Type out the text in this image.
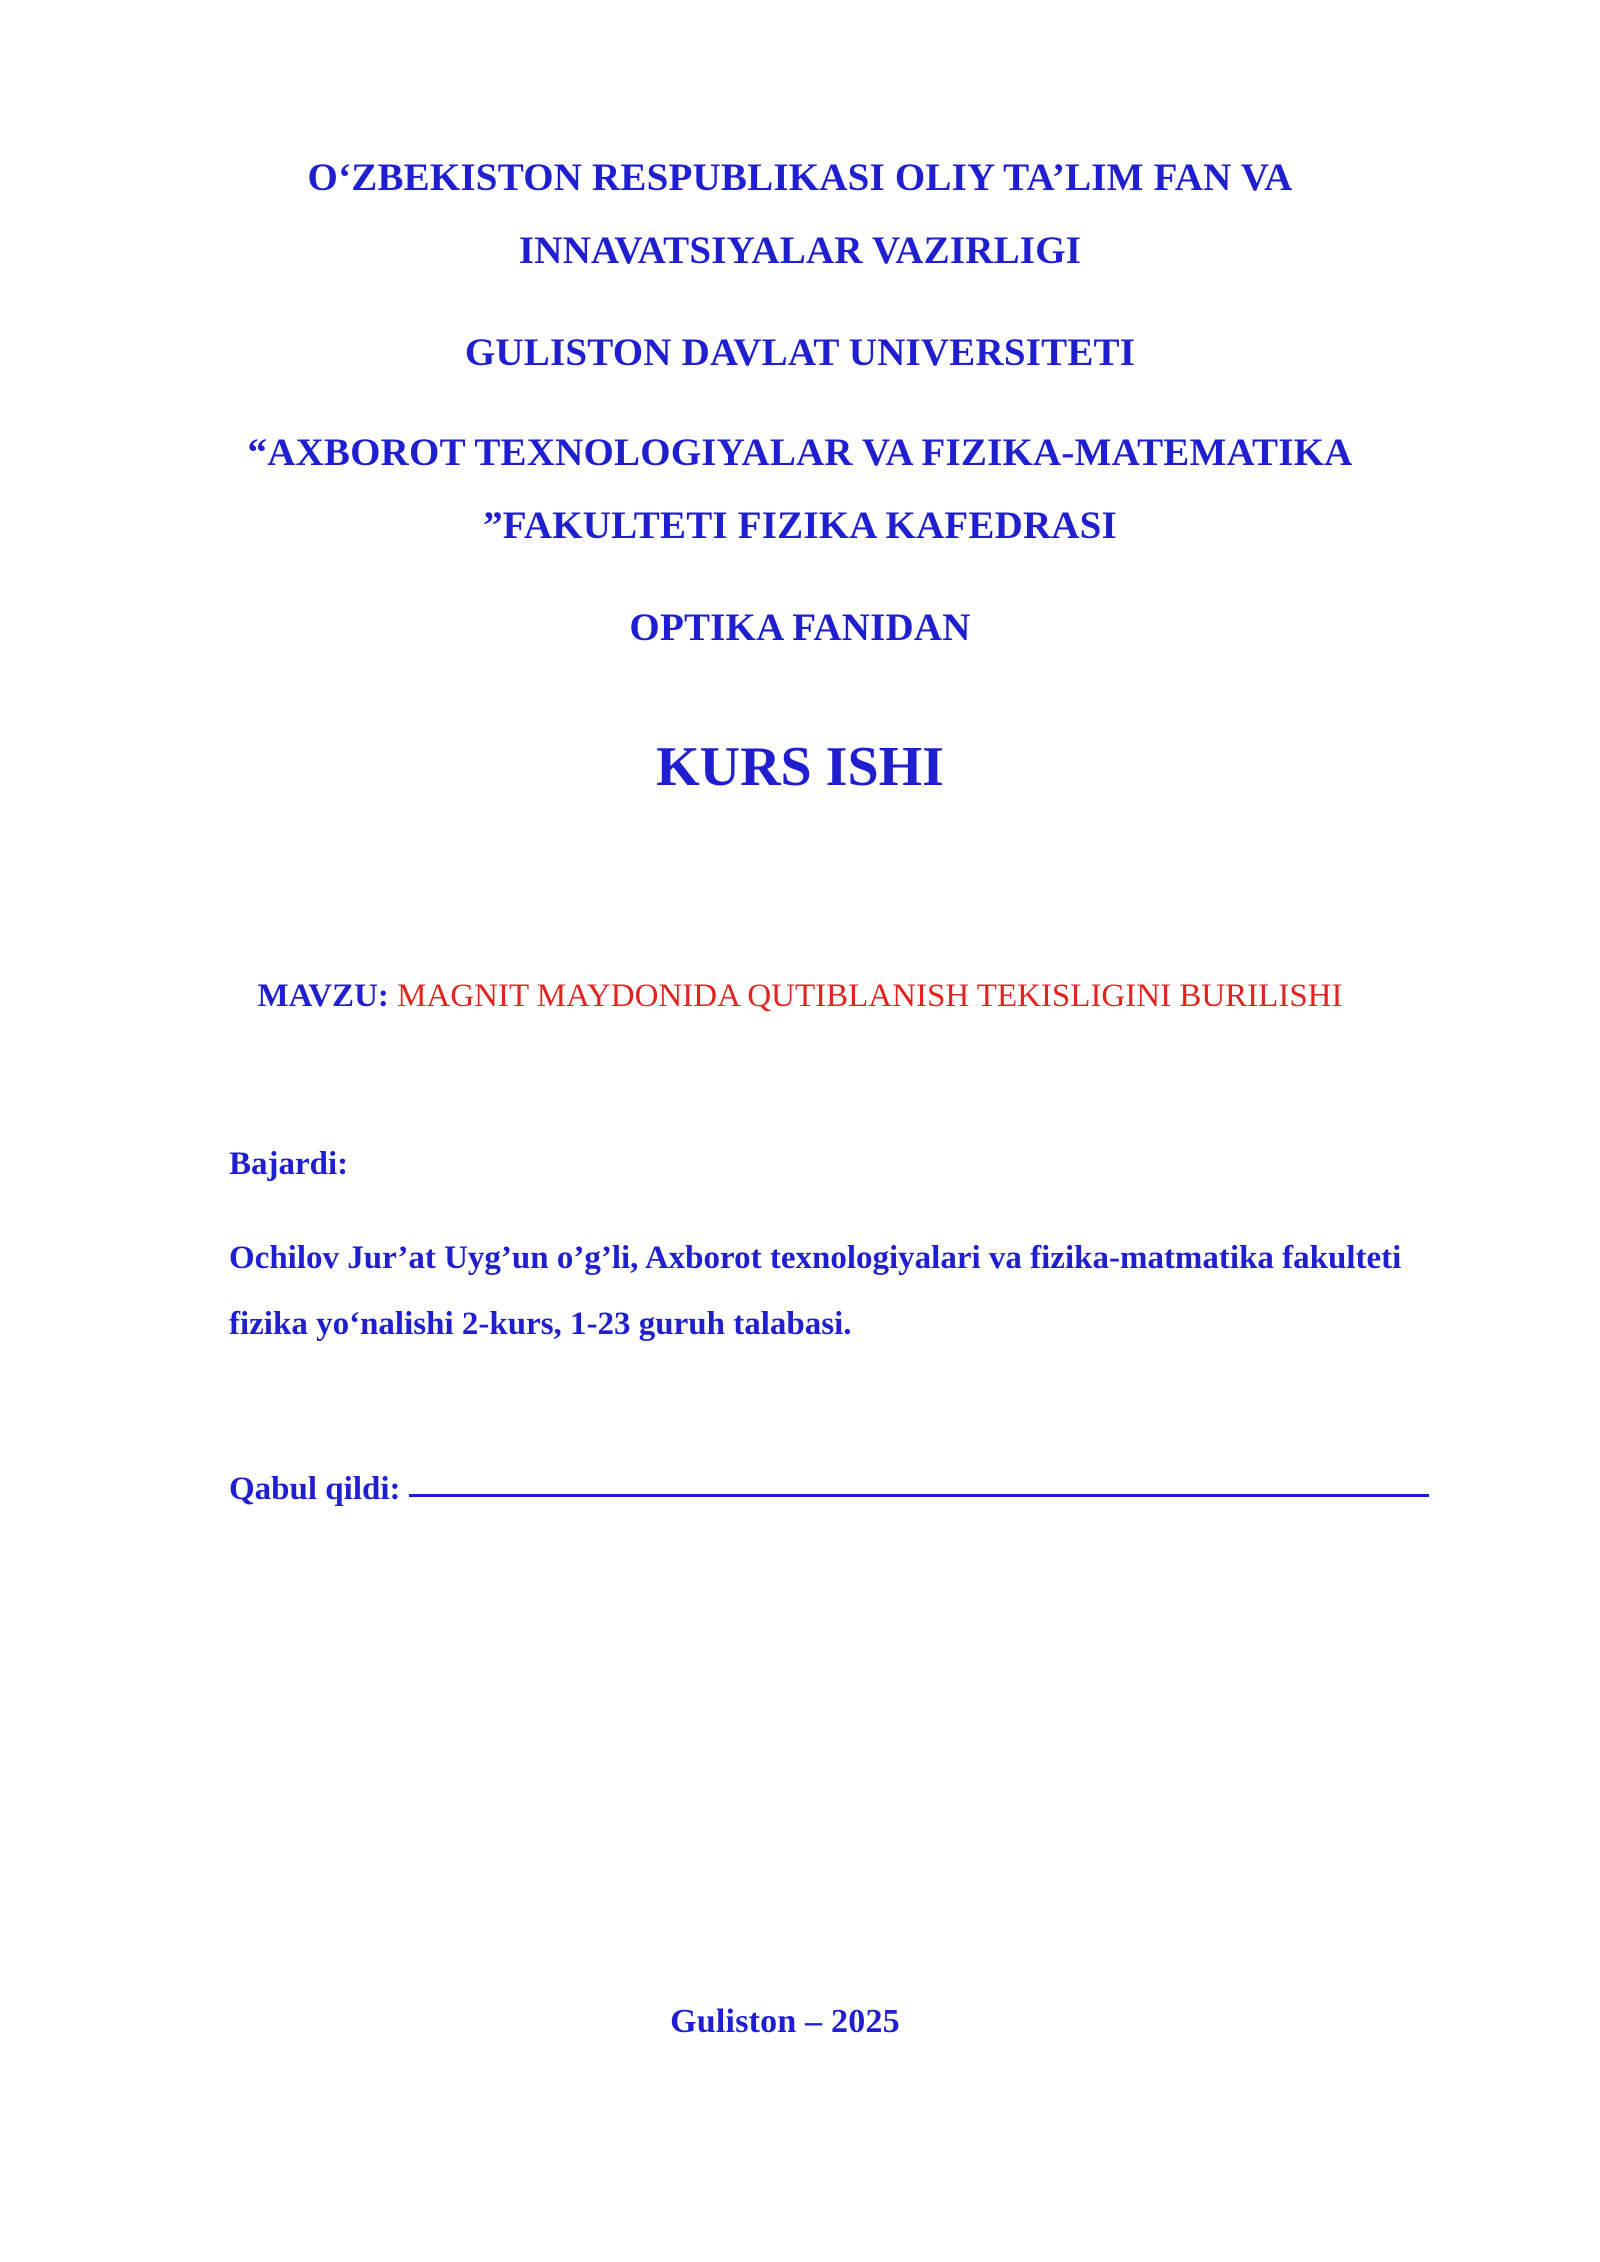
O‘ZBEKISTON RESPUBLIKASI OLIY TA’LIM FAN VA
INNAVATSIYALAR VAZIRLIGI
GULISTON DAVLAT UNIVERSITETI
“AXBOROT TEXNOLOGIYALAR VA FIZIKA-MATEMATIKA
”FAKULTETI FIZIKA KAFEDRASI
OPTIKA FANIDAN
KURS ISHI
MAVZU: MAGNIT MAYDONIDA QUTIBLANISH TEKISLIGINI BURILISHI
Bajardi:
Ochilov Jur’at Uyg’un o’g’li, Axborot texnologiyalari va fizika-matmatika fakulteti
fizika yo‘nalishi 2-kurs, 1-23 guruh talabasi.
Qabul qildi:
Guliston – 2025
